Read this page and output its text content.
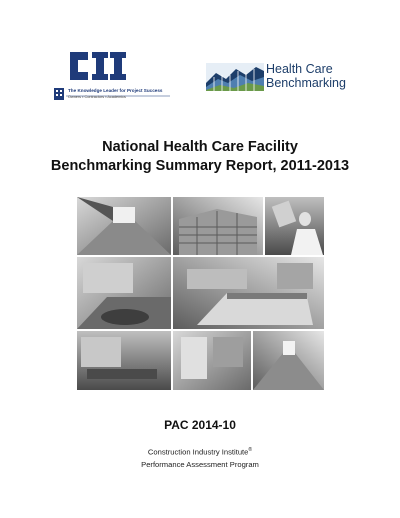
The Knowledge Leader for Project Success
Owners • Contractors • Academics
Health Care
Benchmarking
National Health Care Facility
Benchmarking Summary Report, 2011-2013
PAC 2014-10
Construction Industry Institute®
Performance Assessment Program
